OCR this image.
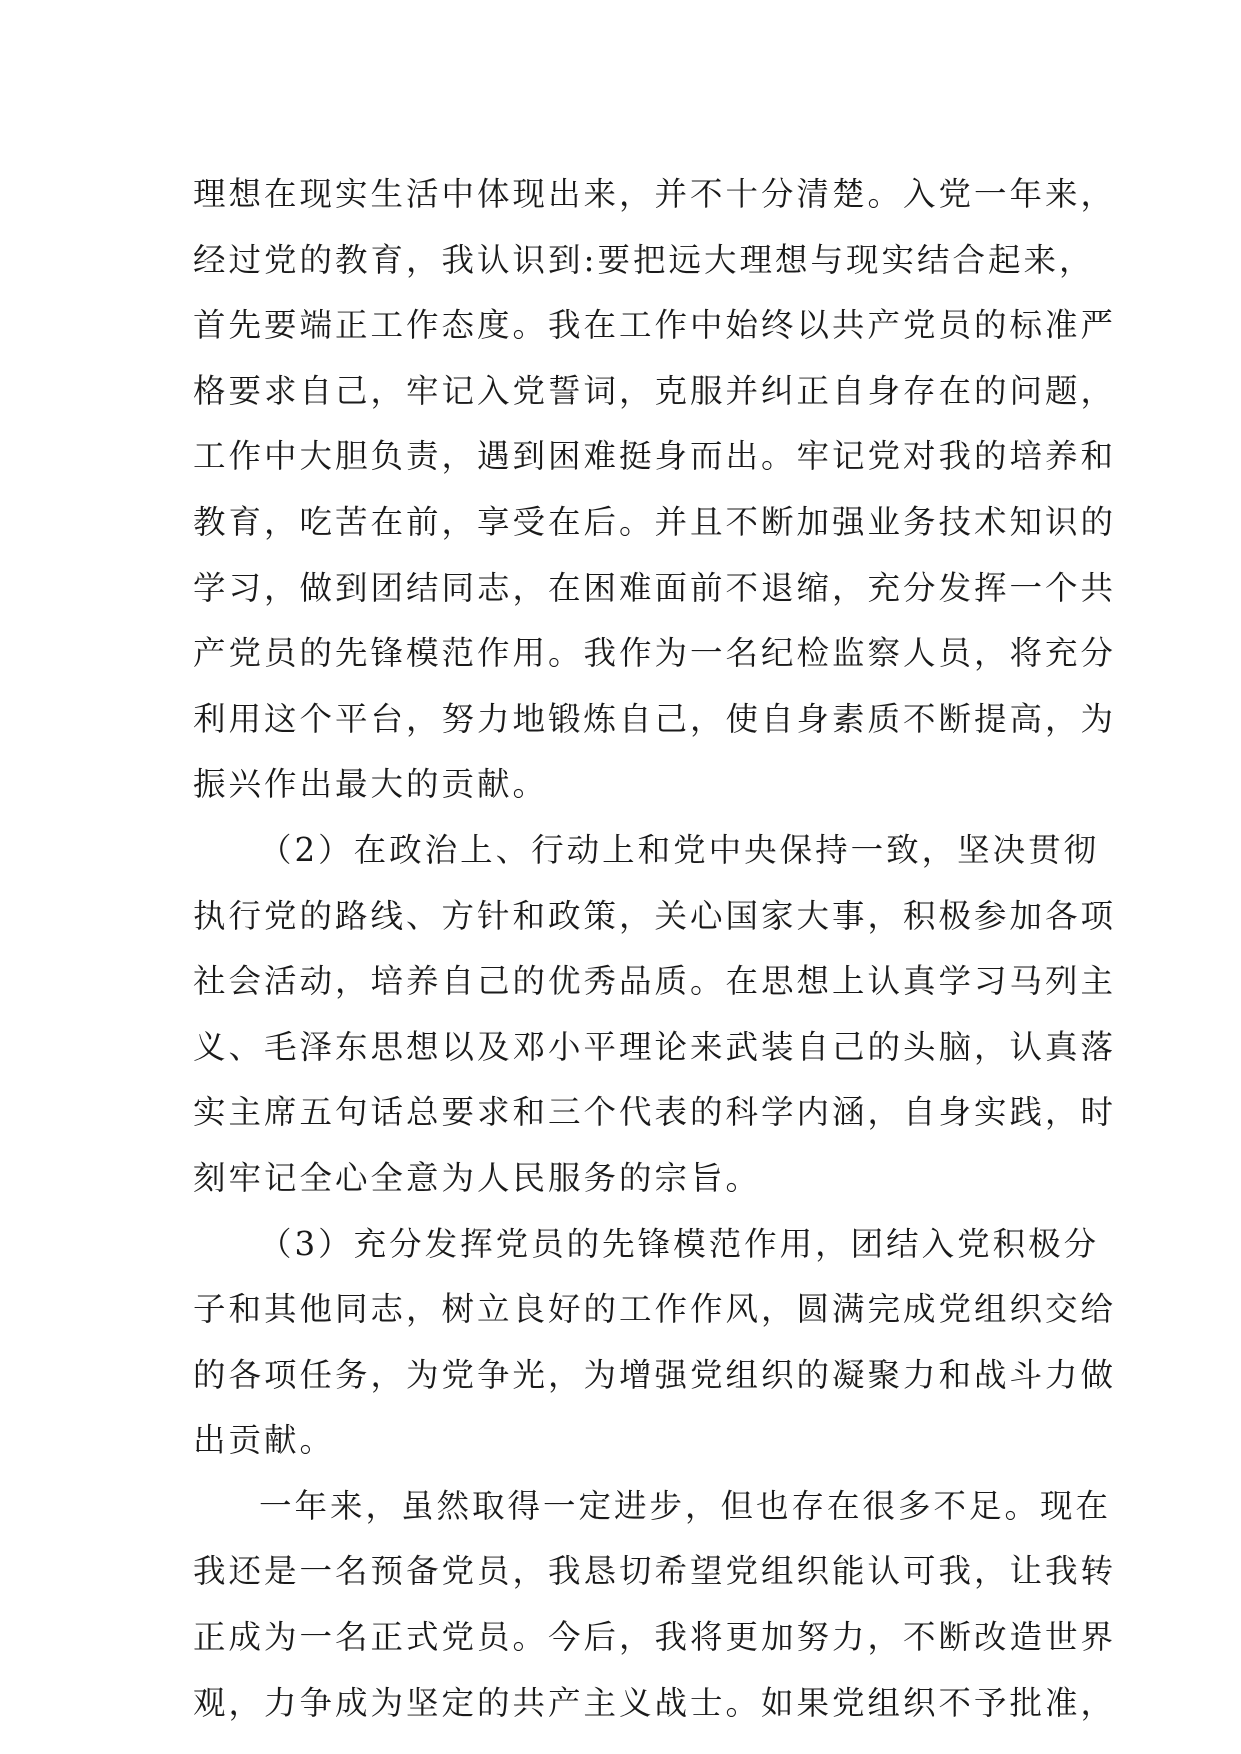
理想在现实生活中体现出来，并不十分清楚。入党一年来，
经过党的教育，我认识到:要把远大理想与现实结合起来，
首先要端正工作态度。我在工作中始终以共产党员的标准严
格要求自己，牢记入党誓词，克服并纠正自身存在的问题，
工作中大胆负责，遇到困难挺身而出。牢记党对我的培养和
教育，吃苦在前，享受在后。并且不断加强业务技术知识的
学习，做到团结同志，在困难面前不退缩，充分发挥一个共
产党员的先锋模范作用。我作为一名纪检监察人员，将充分
利用这个平台，努力地锻炼自己，使自身素质不断提高，为
振兴作出最大的贡献。
（2）在政治上、行动上和党中央保持一致，坚决贯彻
执行党的路线、方针和政策，关心国家大事，积极参加各项
社会活动，培养自己的优秀品质。在思想上认真学习马列主
义、毛泽东思想以及邓小平理论来武装自己的头脑，认真落
实主席五句话总要求和三个代表的科学内涵，自身实践，时
刻牢记全心全意为人民服务的宗旨。
（3）充分发挥党员的先锋模范作用，团结入党积极分
子和其他同志，树立良好的工作作风，圆满完成党组织交给
的各项任务，为党争光，为增强党组织的凝聚力和战斗力做
出贡献。
一年来，虽然取得一定进步，但也存在很多不足。现在
我还是一名预备党员，我恳切希望党组织能认可我，让我转
正成为一名正式党员。今后，我将更加努力，不断改造世界
观，力争成为坚定的共产主义战士。如果党组织不予批准，
